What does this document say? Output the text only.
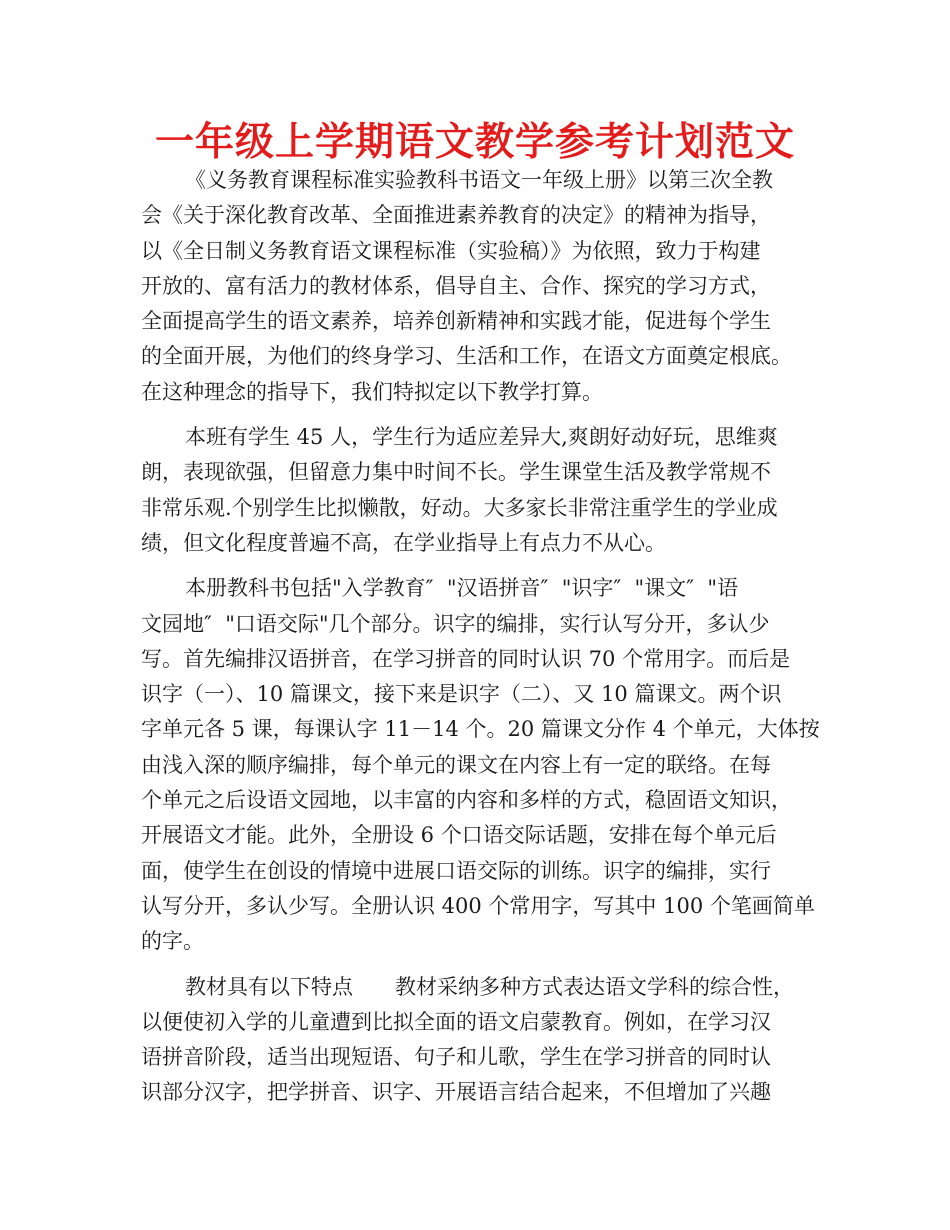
一年级上学期语文教学参考计划范文
《义务教育课程标准实验教科书语文一年级上册》以第三次全教
会《关于深化教育改革、全面推进素养教育的决定》的精神为指导，
以《全日制义务教育语文课程标准（实验稿）》为依照，致力于构建
开放的、富有活力的教材体系，倡导自主、合作、探究的学习方式，
全面提高学生的语文素养，培养创新精神和实践才能，促进每个学生
的全面开展，为他们的终身学习、生活和工作，在语文方面奠定根底。
在这种理念的指导下，我们特拟定以下教学打算。
本班有学生 45 人，学生行为适应差异大,爽朗好动好玩，思维爽
朗，表现欲强，但留意力集中时间不长。学生课堂生活及教学常规不
非常乐观.个别学生比拟懒散，好动。大多家长非常注重学生的学业成
绩，但文化程度普遍不高，在学业指导上有点力不从心。
本册教科书包括"入学教育″  "汉语拼音″  "识字″  "课文″  "语
文园地″  "口语交际"几个部分。识字的编排，实行认写分开，多认少
写。首先编排汉语拼音，在学习拼音的同时认识 70 个常用字。而后是
识字（一）、10 篇课文，接下来是识字（二）、又 10 篇课文。两个识
字单元各 5 课，每课认字 11－14 个。20 篇课文分作 4 个单元，大体按
由浅入深的顺序编排，每个单元的课文在内容上有一定的联络。在每
个单元之后设语文园地，以丰富的内容和多样的方式，稳固语文知识，
开展语文才能。此外，全册设 6 个口语交际话题，安排在每个单元后
面，使学生在创设的情境中进展口语交际的训练。识字的编排，实行
认写分开，多认少写。全册认识 400 个常用字，写其中 100 个笔画简单
的字。
教材具有以下特点　　教材采纳多种方式表达语文学科的综合性，
以便使初入学的儿童遭到比拟全面的语文启蒙教育。例如，在学习汉
语拼音阶段，适当出现短语、句子和儿歌，学生在学习拼音的同时认
识部分汉字，把学拼音、识字、开展语言结合起来，不但增加了兴趣
